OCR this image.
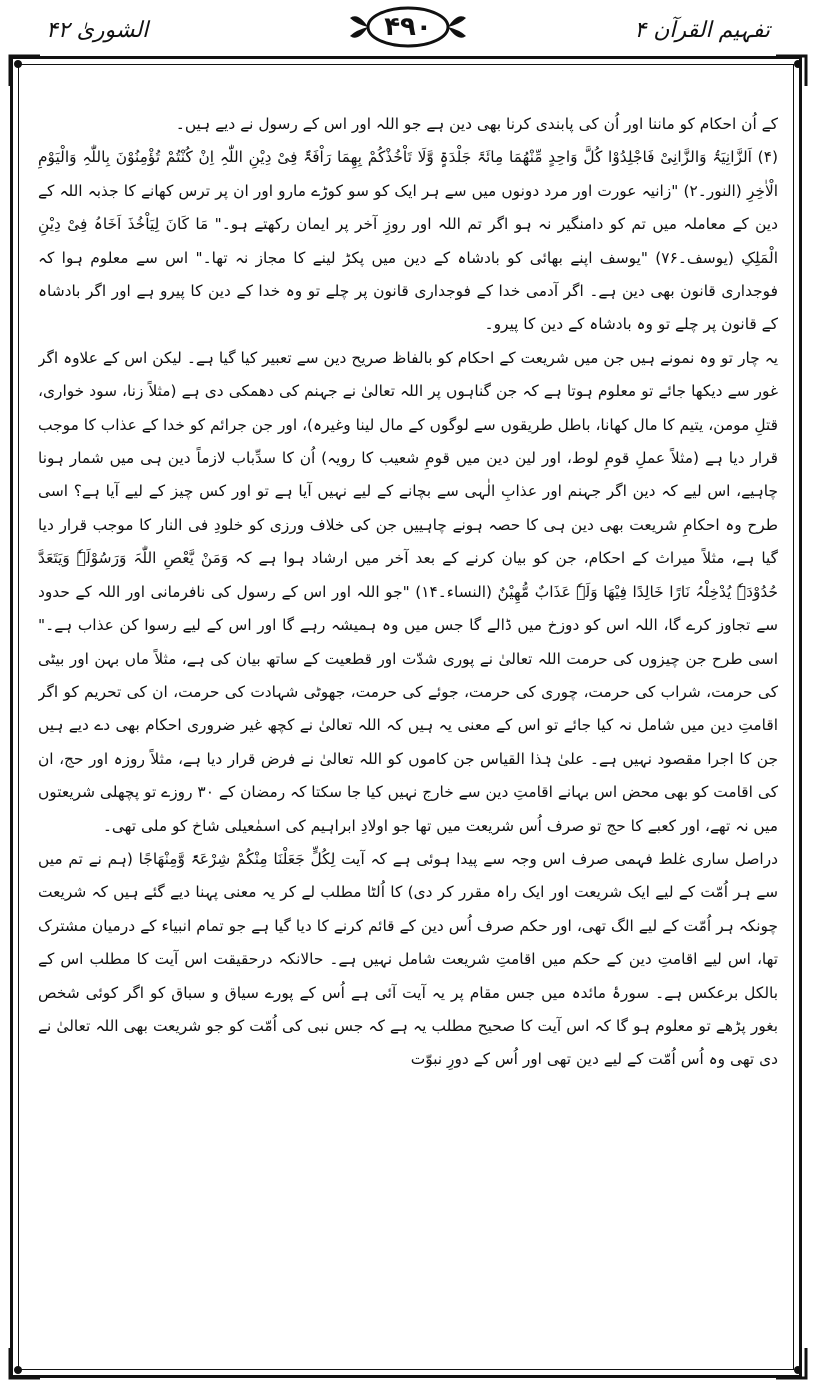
تفہیم القرآن ۴
۴۹۰
الشوریٰ ۴۲

کے اُن احکام کو ماننا اور اُن کی پابندی کرنا بھی دین ہے جو اللہ اور اس کے رسول نے دیے ہیں۔

(۴) اَلزَّانِیَۃُ وَالزَّانِیْ فَاجْلِدُوْا کُلَّ وَاحِدٍ مِّنْھُمَا مِائَۃَ جَلْدَۃٍ وَّلَا تَاْخُذْکُمْ بِھِمَا رَاْفَۃٌ فِیْ دِیْنِ اللّٰہِ اِنْ کُنْتُمْ تُؤْمِنُوْنَ بِاللّٰہِ وَالْیَوْمِ الْاٰخِرِ (النور۔۲) "زانیہ عورت اور مرد دونوں میں سے ہر ایک کو سو کوڑے مارو اور ان پر ترس کھانے کا جذبہ اللہ کے دین کے معاملہ میں تم کو دامنگیر نہ ہو اگر تم اللہ اور روزِ آخر پر ایمان رکھتے ہو۔" مَا کَانَ لِیَاْخُذَ اَخَاہُ فِیْ دِیْنِ الْمَلِکِ (یوسف۔۷۶) "یوسف اپنے بھائی کو بادشاہ کے دین میں پکڑ لینے کا مجاز نہ تھا۔" اس سے معلوم ہوا کہ فوجداری قانون بھی دین ہے۔ اگر آدمی خدا کے فوجداری قانون پر چلے تو وہ خدا کے دین کا پیرو ہے اور اگر بادشاہ کے قانون پر چلے تو وہ بادشاہ کے دین کا پیرو۔

یہ چار تو وہ نمونے ہیں جن میں شریعت کے احکام کو بالفاظ صریح دین سے تعبیر کیا گیا ہے۔ لیکن اس کے علاوہ اگر غور سے دیکھا جائے تو معلوم ہوتا ہے کہ جن گناہوں پر اللہ تعالیٰ نے جہنم کی دھمکی دی ہے (مثلاً زنا، سود خواری، قتلِ مومن، یتیم کا مال کھانا، باطل طریقوں سے لوگوں کے مال لینا وغیرہ)، اور جن جرائم کو خدا کے عذاب کا موجب قرار دیا ہے (مثلاً عملِ قومِ لوط، اور لین دین میں قومِ شعیب کا رویہ) اُن کا سدِّباب لازماً دین ہی میں شمار ہونا چاہیے، اس لیے کہ دین اگر جہنم اور عذابِ الٰہی سے بچانے کے لیے نہیں آیا ہے تو اور کس چیز کے لیے آیا ہے؟ اسی طرح وہ احکامِ شریعت بھی دین ہی کا حصہ ہونے چاہییں جن کی خلاف ورزی کو خلودِ فی النار کا موجب قرار دیا گیا ہے، مثلاً میراث کے احکام، جن کو بیان کرنے کے بعد آخر میں ارشاد ہوا ہے کہ وَمَنْ یَّعْصِ اللّٰہَ وَرَسُوْلَہٗ وَیَتَعَدَّ حُدُوْدَہٗ یُدْخِلْہُ نَارًا خَالِدًا فِیْھَا وَلَہٗ عَذَابٌ مُّھِیْنٌ (النساء۔۱۴) "جو اللہ اور اس کے رسول کی نافرمانی اور اللہ کے حدود سے تجاوز کرے گا، اللہ اس کو دوزخ میں ڈالے گا جس میں وہ ہمیشہ رہے گا اور اس کے لیے رسوا کن عذاب ہے۔" اسی طرح جن چیزوں کی حرمت اللہ تعالیٰ نے پوری شدّت اور قطعیت کے ساتھ بیان کی ہے، مثلاً ماں بہن اور بیٹی کی حرمت، شراب کی حرمت، چوری کی حرمت، جوئے کی حرمت، جھوٹی شہادت کی حرمت، ان کی تحریم کو اگر اقامتِ دین میں شامل نہ کیا جائے تو اس کے معنی یہ ہیں کہ اللہ تعالیٰ نے کچھ غیر ضروری احکام بھی دے دیے ہیں جن کا اجرا مقصود نہیں ہے۔ علیٰ ہٰذا القیاس جن کاموں کو اللہ تعالیٰ نے فرض قرار دیا ہے، مثلاً روزہ اور حج، ان کی اقامت کو بھی محض اس بہانے اقامتِ دین سے خارج نہیں کیا جا سکتا کہ رمضان کے ۳۰ روزے تو پچھلی شریعتوں میں نہ تھے، اور کعبے کا حج تو صرف اُس شریعت میں تھا جو اولادِ ابراہیم کی اسمٰعیلی شاخ کو ملی تھی۔

دراصل ساری غلط فہمی صرف اس وجہ سے پیدا ہوئی ہے کہ آیت لِکُلٍّ جَعَلْنَا مِنْکُمْ شِرْعَۃً وَّمِنْھَاجًا (ہم نے تم میں سے ہر اُمّت کے لیے ایک شریعت اور ایک راہ مقرر کر دی) کا اُلٹا مطلب لے کر یہ معنی پہنا دیے گئے ہیں کہ شریعت چونکہ ہر اُمّت کے لیے الگ تھی، اور حکم صرف اُس دین کے قائم کرنے کا دیا گیا ہے جو تمام انبیاء کے درمیان مشترک تھا، اس لیے اقامتِ دین کے حکم میں اقامتِ شریعت شامل نہیں ہے۔ حالانکہ درحقیقت اس آیت کا مطلب اس کے بالکل برعکس ہے۔ سورۂ مائدہ میں جس مقام پر یہ آیت آئی ہے اُس کے پورے سیاق و سباق کو اگر کوئی شخص بغور پڑھے تو معلوم ہو گا کہ اس آیت کا صحیح مطلب یہ ہے کہ جس نبی کی اُمّت کو جو شریعت بھی اللہ تعالیٰ نے دی تھی وہ اُس اُمّت کے لیے دین تھی اور اُس کے دورِ نبوّت
